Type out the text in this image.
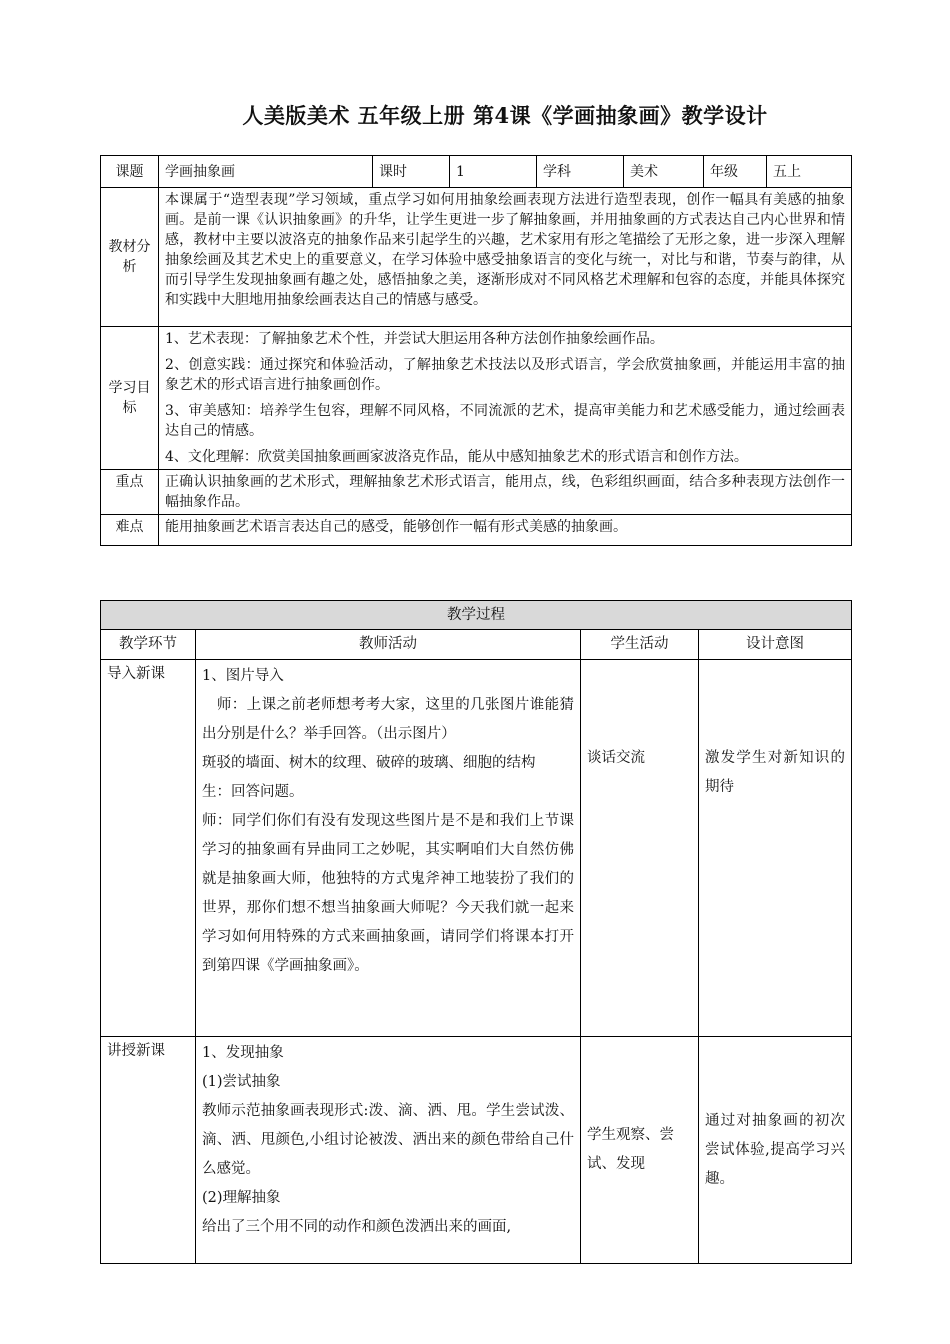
人美版美术 五年级上册 第4课《学画抽象画》教学设计
课题	学画抽象画	课时	1	学科	美术	年级	五上
教材分析	本课属于“造型表现”学习领域，重点学习如何用抽象绘画表现方法进行造型表现，创作一幅具有美感的抽象画。是前一课《认识抽象画》的升华，让学生更进一步了解抽象画，并用抽象画的方式表达自己内心世界和情感，教材中主要以波洛克的抽象作品来引起学生的兴趣，艺术家用有形之笔描绘了无形之象，进一步深入理解抽象绘画及其艺术史上的重要意义，在学习体验中感受抽象语言的变化与统一，对比与和谐，节奏与韵律，从而引导学生发现抽象画有趣之处，感悟抽象之美，逐渐形成对不同风格艺术理解和包容的态度，并能具体探究和实践中大胆地用抽象绘画表达自己的情感与感受。						
学习目标	1、艺术表现：了解抽象艺术个性，并尝试大胆运用各种方法创作抽象绘画作品。

2、创意实践：通过探究和体验活动，了解抽象艺术技法以及形式语言，学会欣赏抽象画，并能运用丰富的抽象艺术的形式语言进行抽象画创作。

3、审美感知：培养学生包容，理解不同风格，不同流派的艺术，提高审美能力和艺术感受能力，通过绘画表达自己的情感。

4、文化理解：欣赏美国抽象画画家波洛克作品，能从中感知抽象艺术的形式语言和创作方法。						

重点	正确认识抽象画的艺术形式，理解抽象艺术形式语言，能用点，线，色彩组织画面，结合多种表现方法创作一幅抽象作品。						
难点	能用抽象画艺术语言表达自己的感受，能够创作一幅有形式美感的抽象画。						
教学过程			
教学环节	教师活动	学生活动	设计意图
导入新课	1、图片导入

　师：上课之前老师想考考大家，这里的几张图片谁能猜出分别是什么？举手回答。（出示图片）

斑驳的墙面、树木的纹理、破碎的玻璃、细胞的结构

生：回答问题。

师：同学们你们有没有发现这些图片是不是和我们上节课学习的抽象画有异曲同工之妙呢，其实啊咱们大自然仿佛就是抽象画大师，他独特的方式鬼斧神工地装扮了我们的世界，那你们想不想当抽象画大师呢？今天我们就一起来学习如何用特殊的方式来画抽象画，请同学们将课本打开到第四课《学画抽象画》。	谈话交流	激发学生对新知识的期待
讲授新课	1、发现抽象

(1)尝试抽象

教师示范抽象画表现形式:泼、滴、洒、甩。学生尝试泼、滴、洒、甩颜色,小组讨论被泼、洒出来的颜色带给自己什么感觉。

(2)理解抽象

给出了三个用不同的动作和颜色泼洒出来的画面,	学生观察、尝试、发现	通过对抽象画的初次尝试体验,提高学习兴趣。
